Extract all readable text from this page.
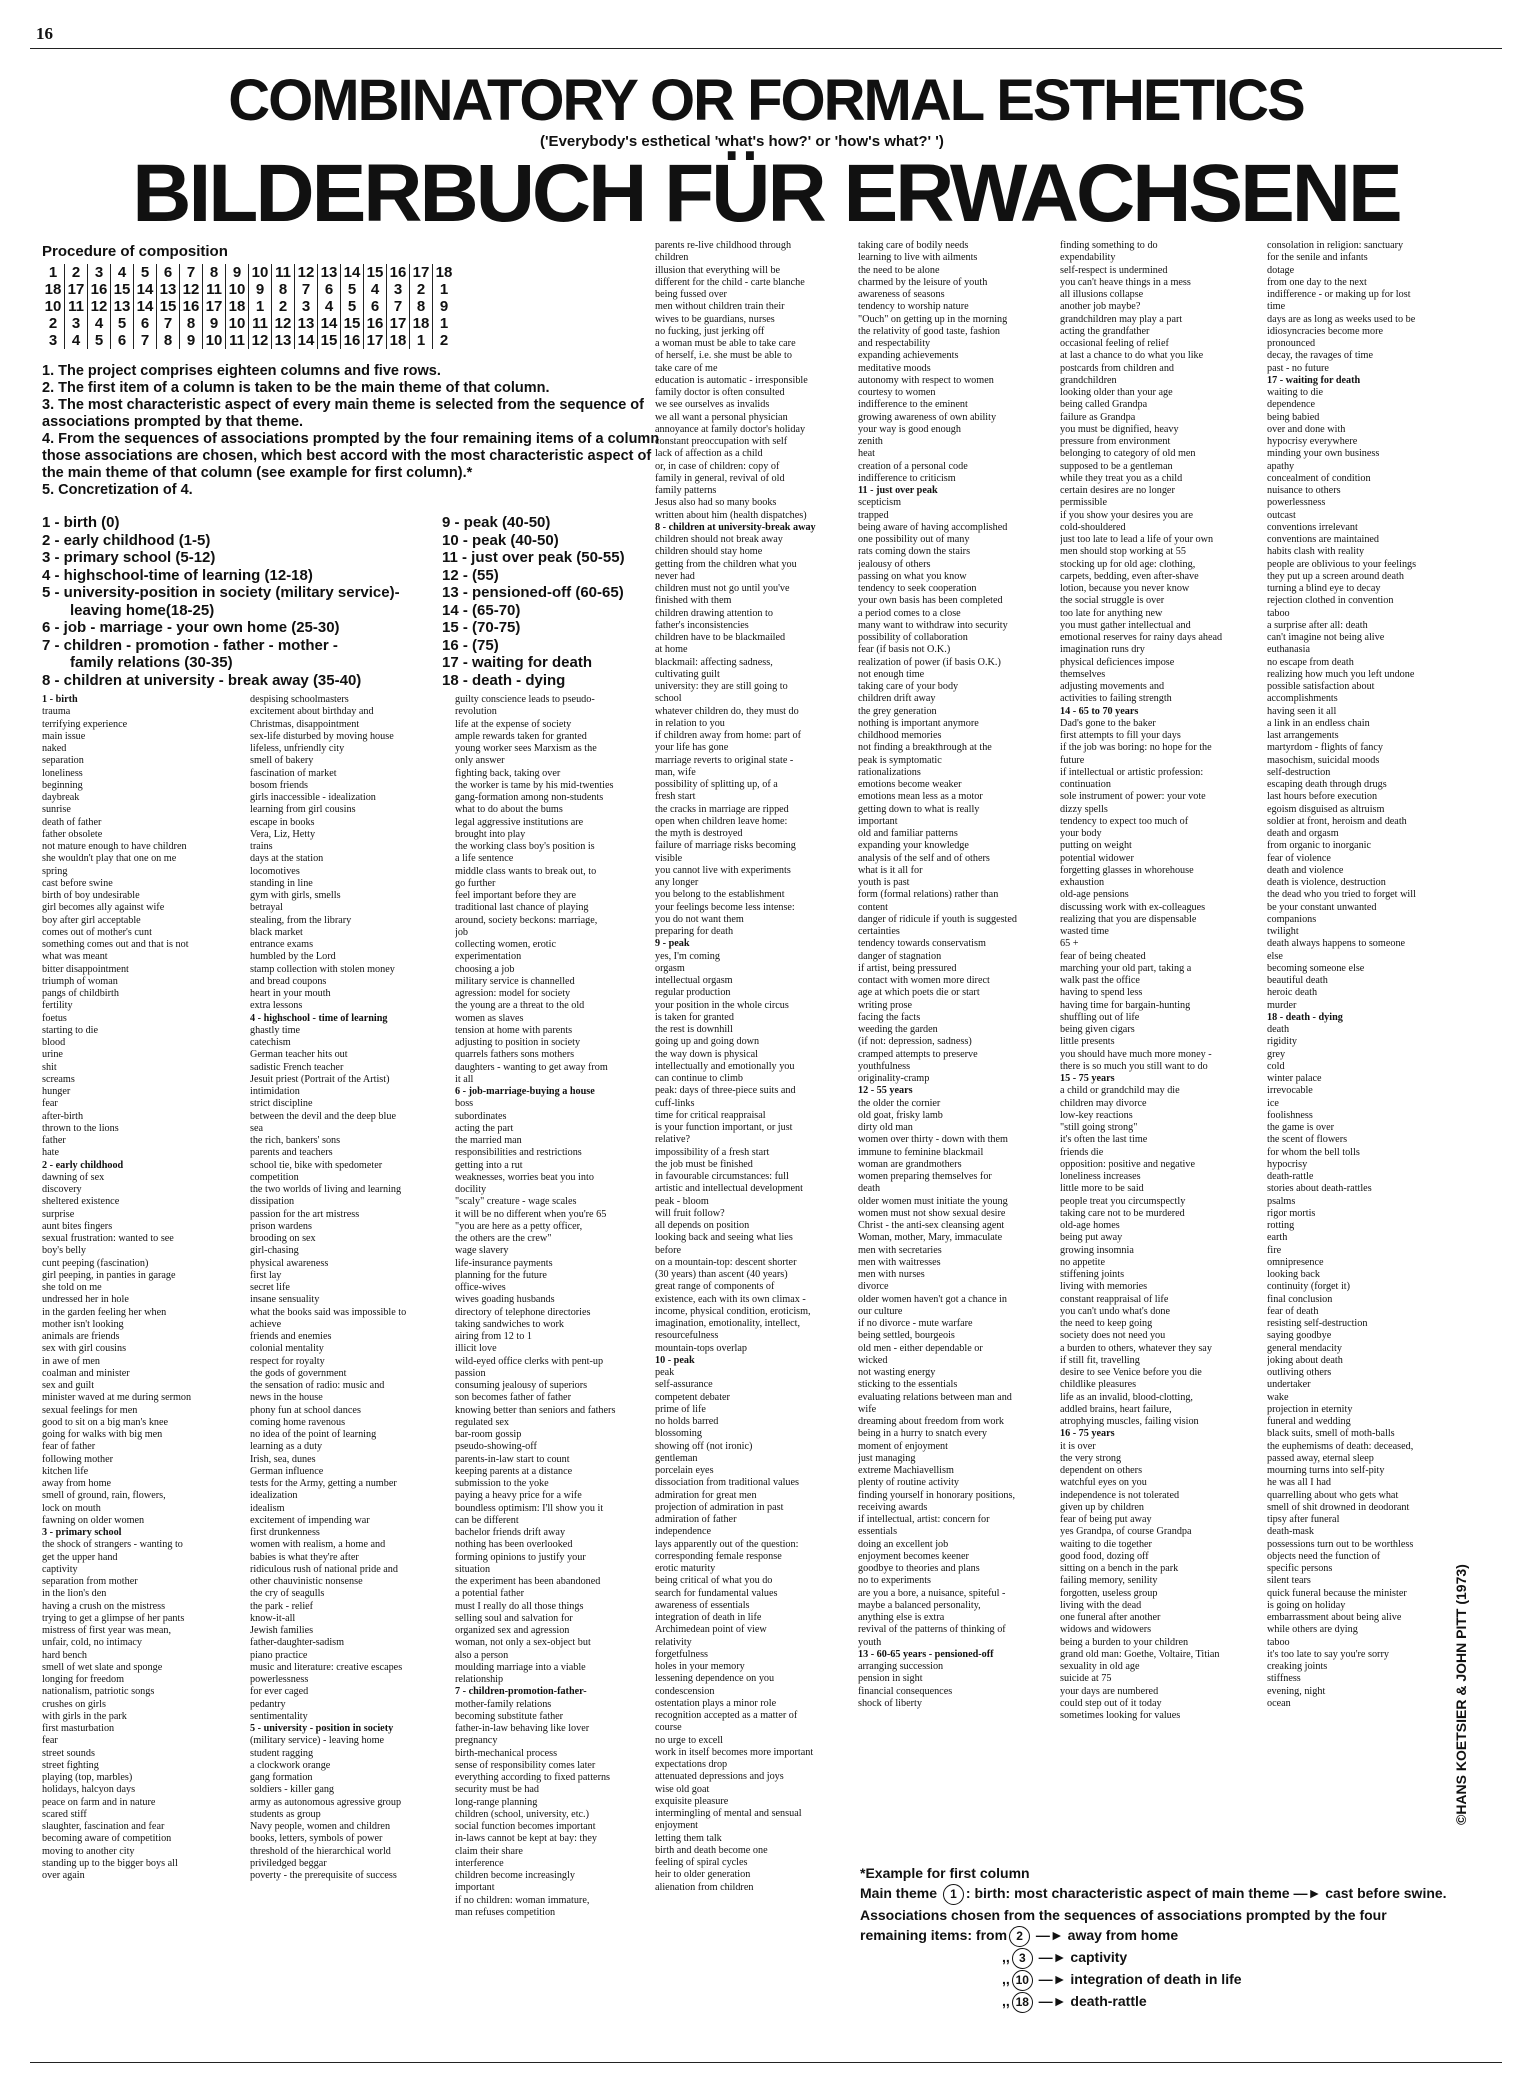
16
COMBINATORY OR FORMAL ESTHETICS
('Everybody's esthetical 'what's how?' or 'how's what?' ')
BILDERBUCH FÜR ERWACHSENE
Procedure of composition
1	2	3	4	5	6	7	8	9	10	11	12	13	14	15	16	17	18
18	17	16	15	14	13	12	11	10	9	8	7	6	5	4	3	2	1
10	11	12	13	14	15	16	17	18	1	2	3	4	5	6	7	8	9
2	3	4	5	6	7	8	9	10	11	12	13	14	15	16	17	18	1
3	4	5	6	7	8	9	10	11	12	13	14	15	16	17	18	1	2

1. The project comprises eighteen columns and five rows.

2. The first item of a column is taken to be the main theme of that column.

3. The most characteristic aspect of every main theme is selected from the sequence of associations prompted by that theme.

4. From the sequences of associations prompted by the four remaining items of a column those associations are chosen, which best accord with the most characteristic aspect of the main theme of that column (see example for first column).*

5. Concretization of 4.

1 - birth (0)
2 - early childhood (1-5)
3 - primary school (5-12)
4 - highschool-time of learning (12-18)
5 - university-position in society (military service)-
leaving home(18-25)
6 - job - marriage - your own home (25-30)
7 - children - promotion - father - mother -
family relations (30-35)
8 - children at university - break away (35-40)
9 - peak (40-50)
10 - peak (40-50)
11 - just over peak (50-55)
12 - (55)
13 - pensioned-off (60-65)
14 - (65-70)
15 - (70-75)
16 - (75)
17 - waiting for death
18 - death - dying
1 - birth
trauma
terrifying experience
main issue
naked
separation
loneliness
beginning
daybreak
sunrise
death of father
father obsolete
not mature enough to have children
she wouldn't play that one on me
spring
cast before swine
birth of boy undesirable
girl becomes ally against wife
boy after girl acceptable
comes out of mother's cunt
something comes out and that is not
what was meant
bitter disappointment
triumph of woman
pangs of childbirth
fertility
foetus
starting to die
blood
urine
shit
screams
hunger
fear
after-birth
thrown to the lions
father
hate
2 - early childhood
dawning of sex
discovery
sheltered existence
surprise
aunt bites fingers
sexual frustration: wanted to see
boy's belly
cunt peeping (fascination)
girl peeping, in panties in garage
she told on me
undressed her in hole
in the garden feeling her when
mother isn't looking
animals are friends
sex with girl cousins
in awe of men
coalman and minister
sex and guilt
minister waved at me during sermon
sexual feelings for men
good to sit on a big man's knee
going for walks with big men
fear of father
following mother
kitchen life
away from home
smell of ground, rain, flowers,
lock on mouth
fawning on older women
3 - primary school
the shock of strangers - wanting to
get the upper hand
captivity
separation from mother
in the lion's den
having a crush on the mistress
trying to get a glimpse of her pants
mistress of first year was mean,
unfair, cold, no intimacy
hard bench
smell of wet slate and sponge
longing for freedom
nationalism, patriotic songs
crushes on girls
with girls in the park
first masturbation
fear
street sounds
street fighting
playing (top, marbles)
holidays, halcyon days
peace on farm and in nature
scared stiff
slaughter, fascination and fear
becoming aware of competition
moving to another city
standing up to the bigger boys all
over again
despising schoolmasters
excitement about birthday and
Christmas, disappointment
sex-life disturbed by moving house
lifeless, unfriendly city
smell of bakery
fascination of market
bosom friends
girls inaccessible - idealization
learning from girl cousins
escape in books
Vera, Liz, Hetty
trains
days at the station
locomotives
standing in line
gym with girls, smells
betrayal
stealing, from the library
black market
entrance exams
humbled by the Lord
stamp collection with stolen money
and bread coupons
heart in your mouth
extra lessons
4 - highschool - time of learning
ghastly time
catechism
German teacher hits out
sadistic French teacher
Jesuit priest (Portrait of the Artist)
intimidation
strict discipline
between the devil and the deep blue
sea
the rich, bankers' sons
parents and teachers
school tie, bike with spedometer
competition
the two worlds of living and learning
dissipation
passion for the art mistress
prison wardens
brooding on sex
girl-chasing
physical awareness
first lay
secret life
insane sensuality
what the books said was impossible to
achieve
friends and enemies
colonial mentality
respect for royalty
the gods of government
the sensation of radio: music and
news in the house
phony fun at school dances
coming home ravenous
no idea of the point of learning
learning as a duty
Irish, sea, dunes
German influence
tests for the Army, getting a number
idealization
idealism
excitement of impending war
first drunkenness
women with realism, a home and
babies is what they're after
ridiculous rush of national pride and
other chauvinistic nonsense
the cry of seagulls
the park - relief
know-it-all
Jewish families
father-daughter-sadism
piano practice
music and literature: creative escapes
powerlessness
for ever caged
pedantry
sentimentality
5 - university - position in society
(military service) - leaving home
student ragging
a clockwork orange
gang formation
soldiers - killer gang
army as autonomous agressive group
students as group
Navy people, women and children
books, letters, symbols of power
threshold of the hierarchical world
priviledged beggar
poverty - the prerequisite of success
guilty conscience leads to pseudo-
revolution
life at the expense of society
ample rewards taken for granted
young worker sees Marxism as the
only answer
fighting back, taking over
the worker is tame by his mid-twenties
gang-formation among non-students
what to do about the bums
legal aggressive institutions are
brought into play
the working class boy's position is
a life sentence
middle class wants to break out, to
go further
feel important before they are
traditional last chance of playing
around, society beckons: marriage,
job
collecting women, erotic
experimentation
choosing a job
military service is channelled
agression: model for society
the young are a threat to the old
women as slaves
tension at home with parents
adjusting to position in society
quarrels fathers sons mothers
daughters - wanting to get away from
it all
6 - job-marriage-buying a house
boss
subordinates
acting the part
the married man
responsibilities and restrictions
getting into a rut
weaknesses, worries beat you into
docility
"scaly" creature - wage scales
it will be no different when you're 65
"you are here as a petty officer,
the others are the crew"
wage slavery
life-insurance payments
planning for the future
office-wives
wives goading husbands
directory of telephone directories
taking sandwiches to work
airing from 12 to 1
illicit love
wild-eyed office clerks with pent-up
passion
consuming jealousy of superiors
son becomes father of father
knowing better than seniors and fathers
regulated sex
bar-room gossip
pseudo-showing-off
parents-in-law start to count
keeping parents at a distance
submission to the yoke
paying a heavy price for a wife
boundless optimism: I'll show you it
can be different
bachelor friends drift away
nothing has been overlooked
forming opinions to justify your
situation
the experiment has been abandoned
a potential father
must I really do all those things
selling soul and salvation for
organized sex and agression
woman, not only a sex-object but
also a person
moulding marriage into a viable
relationship
7 - children-promotion-father-
mother-family relations
becoming substitute father
father-in-law behaving like lover
pregnancy
birth-mechanical process
sense of responsibility comes later
everything according to fixed patterns
security must be had
long-range planning
children (school, university, etc.)
social function becomes important
in-laws cannot be kept at bay: they
claim their share
interference
children become increasingly
important
if no children: woman immature,
man refuses competition
parents re-live childhood through
children
illusion that everything will be
different for the child - carte blanche
being fussed over
men without children train their
wives to be guardians, nurses
no fucking, just jerking off
a woman must be able to take care
of herself, i.e. she must be able to
take care of me
education is automatic - irresponsible
family doctor is often consulted
we see ourselves as invalids
we all want a personal physician
annoyance at family doctor's holiday
constant preoccupation with self
lack of affection as a child
or, in case of children: copy of
family in general, revival of old
family patterns
Jesus also had so many books
written about him (health dispatches)
8 - children at university-break away
children should not break away
children should stay home
getting from the children what you
never had
children must not go until you've
finished with them
children drawing attention to
father's inconsistencies
children have to be blackmailed
at home
blackmail: affecting sadness,
cultivating guilt
university: they are still going to
school
whatever children do, they must do
in relation to you
if children away from home: part of
your life has gone
marriage reverts to original state -
man, wife
possibility of splitting up, of a
fresh start
the cracks in marriage are ripped
open when children leave home:
the myth is destroyed
failure of marriage risks becoming
visible
you cannot live with experiments
any longer
you belong to the establishment
your feelings become less intense:
you do not want them
preparing for death
9 - peak
yes, I'm coming
orgasm
intellectual orgasm
regular production
your position in the whole circus
is taken for granted
the rest is downhill
going up and going down
the way down is physical
intellectually and emotionally you
can continue to climb
peak: days of three-piece suits and
cuff-links
time for critical reappraisal
is your function important, or just
relative?
impossibility of a fresh start
the job must be finished
in favourable circumstances: full
artistic and intellectual development
peak - bloom
will fruit follow?
all depends on position
looking back and seeing what lies
before
on a mountain-top: descent shorter
(30 years) than ascent (40 years)
great range of components of
existence, each with its own climax -
income, physical condition, eroticism,
imagination, emotionality, intellect,
resourcefulness
mountain-tops overlap
10 - peak
peak
self-assurance
competent debater
prime of life
no holds barred
blossoming
showing off (not ironic)
gentleman
porcelain eyes
dissociation from traditional values
admiration for great men
projection of admiration in past
admiration of father
independence
lays apparently out of the question:
corresponding female response
erotic maturity
being critical of what you do
search for fundamental values
awareness of essentials
integration of death in life
Archimedean point of view
relativity
forgetfulness
holes in your memory
lessening dependence on you
condescension
ostentation plays a minor role
recognition accepted as a matter of
course
no urge to excell
work in itself becomes more important
expectations drop
attenuated depressions and joys
wise old goat
exquisite pleasure
intermingling of mental and sensual
enjoyment
letting them talk
birth and death become one
feeling of spiral cycles
heir to older generation
alienation from children
taking care of bodily needs
learning to live with ailments
the need to be alone
charmed by the leisure of youth
awareness of seasons
tendency to worship nature
"Ouch" on getting up in the morning
the relativity of good taste, fashion
and respectability
expanding achievements
meditative moods
autonomy with respect to women
courtesy to women
indifference to the eminent
growing awareness of own ability
your way is good enough
zenith
heat
creation of a personal code
indifference to criticism
11 - just over peak
scepticism
trapped
being aware of having accomplished
one possibility out of many
rats coming down the stairs
jealousy of others
passing on what you know
tendency to seek cooperation
your own basis has been completed
a period comes to a close
many want to withdraw into security
possibility of collaboration
fear (if basis not O.K.)
realization of power (if basis O.K.)
not enough time
taking care of your body
children drift away
the grey generation
nothing is important anymore
childhood memories
not finding a breakthrough at the
peak is symptomatic
rationalizations
emotions become weaker
emotions mean less as a motor
getting down to what is really
important
old and familiar patterns
expanding your knowledge
analysis of the self and of others
what is it all for
youth is past
form (formal relations) rather than
content
danger of ridicule if youth is suggested
certainties
tendency towards conservatism
danger of stagnation
if artist, being pressured
contact with women more direct
age at which poets die or start
writing prose
facing the facts
weeding the garden
(if not: depression, sadness)
cramped attempts to preserve
youthfulness
originality-cramp
12 - 55 years
the older the cornier
old goat, frisky lamb
dirty old man
women over thirty - down with them
immune to feminine blackmail
woman are grandmothers
women preparing themselves for
death
older women must initiate the young
women must not show sexual desire
Christ - the anti-sex cleansing agent
Woman, mother, Mary, immaculate
men with secretaries
men with waitresses
men with nurses
divorce
older women haven't got a chance in
our culture
if no divorce - mute warfare
being settled, bourgeois
old men - either dependable or
wicked
not wasting energy
sticking to the essentials
evaluating relations between man and
wife
dreaming about freedom from work
being in a hurry to snatch every
moment of enjoyment
just managing
extreme Machiavellism
plenty of routine activity
finding yourself in honorary positions,
receiving awards
if intellectual, artist: concern for
essentials
doing an excellent job
enjoyment becomes keener
goodbye to theories and plans
no to experiments
are you a bore, a nuisance, spiteful -
maybe a balanced personality,
anything else is extra
revival of the patterns of thinking of
youth
13 - 60-65 years - pensioned-off
arranging succession
pension in sight
financial consequences
shock of liberty
finding something to do
expendability
self-respect is undermined
you can't heave things in a mess
all illusions collapse
another job maybe?
grandchildren may play a part
acting the grandfather
occasional feeling of relief
at last a chance to do what you like
postcards from children and
grandchildren
looking older than your age
being called Grandpa
failure as Grandpa
you must be dignified, heavy
pressure from environment
belonging to category of old men
supposed to be a gentleman
while they treat you as a child
certain desires are no longer
permissible
if you show your desires you are
cold-shouldered
just too late to lead a life of your own
men should stop working at 55
stocking up for old age: clothing,
carpets, bedding, even after-shave
lotion, because you never know
the social struggle is over
too late for anything new
you must gather intellectual and
emotional reserves for rainy days ahead
imagination runs dry
physical deficiences impose
themselves
adjusting movements and
activities to failing strength
14 - 65 to 70 years
Dad's gone to the baker
first attempts to fill your days
if the job was boring: no hope for the
future
if intellectual or artistic profession:
continuation
sole instrument of power: your vote
dizzy spells
tendency to expect too much of
your body
putting on weight
potential widower
forgetting glasses in whorehouse
exhaustion
old-age pensions
discussing work with ex-colleagues
realizing that you are dispensable
wasted time
65 +
fear of being cheated
marching your old part, taking a
walk past the office
having to spend less
having time for bargain-hunting
shuffling out of life
being given cigars
little presents
you should have much more money -
there is so much you still want to do
15 - 75 years
a child or grandchild may die
children may divorce
low-key reactions
"still going strong"
it's often the last time
friends die
opposition: positive and negative
loneliness increases
little more to be said
people treat you circumspectly
taking care not to be murdered
old-age homes
being put away
growing insomnia
no appetite
stiffening joints
living with memories
constant reappraisal of life
you can't undo what's done
the need to keep going
society does not need you
a burden to others, whatever they say
if still fit, travelling
desire to see Venice before you die
childlike pleasures
life as an invalid, blood-clotting,
addled brains, heart failure,
atrophying muscles, failing vision
16 - 75 years
it is over
the very strong
dependent on others
watchful eyes on you
independence is not tolerated
given up by children
fear of being put away
yes Grandpa, of course Grandpa
waiting to die together
good food, dozing off
sitting on a bench in the park
failing memory, senility
forgotten, useless group
living with the dead
one funeral after another
widows and widowers
being a burden to your children
grand old man: Goethe, Voltaire, Titian
sexuality in old age
suicide at 75
your days are numbered
could step out of it today
sometimes looking for values
consolation in religion: sanctuary
for the senile and infants
dotage
from one day to the next
indifference - or making up for lost
time
days are as long as weeks used to be
idiosyncracies become more
pronounced
decay, the ravages of time
past - no future
17 - waiting for death
waiting to die
dependence
being babied
over and done with
hypocrisy everywhere
minding your own business
apathy
concealment of condition
nuisance to others
powerlessness
outcast
conventions irrelevant
conventions are maintained
habits clash with reality
people are oblivious to your feelings
they put up a screen around death
turning a blind eye to decay
rejection clothed in convention
taboo
a surprise after all: death
can't imagine not being alive
euthanasia
no escape from death
realizing how much you left undone
possible satisfaction about
accomplishments
having seen it all
a link in an endless chain
last arrangements
martyrdom - flights of fancy
masochism, suicidal moods
self-destruction
escaping death through drugs
last hours before execution
egoism disguised as altruism
soldier at front, heroism and death
death and orgasm
from organic to inorganic
fear of violence
death and violence
death is violence, destruction
the dead who you tried to forget will
be your constant unwanted
companions
twilight
death always happens to someone
else
becoming someone else
beautiful death
heroic death
murder
18 - death - dying
death
rigidity
grey
cold
winter palace
irrevocable
ice
foolishness
the game is over
the scent of flowers
for whom the bell tolls
hypocrisy
death-rattle
stories about death-rattles
psalms
rigor mortis
rotting
earth
fire
omnipresence
looking back
continuity (forget it)
final conclusion
fear of death
resisting self-destruction
saying goodbye
general mendacity
joking about death
outliving others
undertaker
wake
projection in eternity
funeral and wedding
black suits, smell of moth-balls
the euphemisms of death: deceased,
passed away, eternal sleep
mourning turns into self-pity
he was all I had
quarrelling about who gets what
smell of shit drowned in deodorant
tipsy after funeral
death-mask
possessions turn out to be worthless
objects need the function of
specific persons
silent tears
quick funeral because the minister
is going on holiday
embarrassment about being alive
while others are dying
taboo
it's too late to say you're sorry
creaking joints
stiffness
evening, night
ocean	©HANS KOETSIER & JOHN PITT (1973)
*Example for first column
Main theme 1 : birth: most characteristic aspect of main theme —► cast before swine.
Associations chosen from the sequences of associations prompted by the four
remaining items: from 2 —► away from home
,, 3 —► captivity
,, 10 —► integration of death in life
,, 18 —► death-rattle
